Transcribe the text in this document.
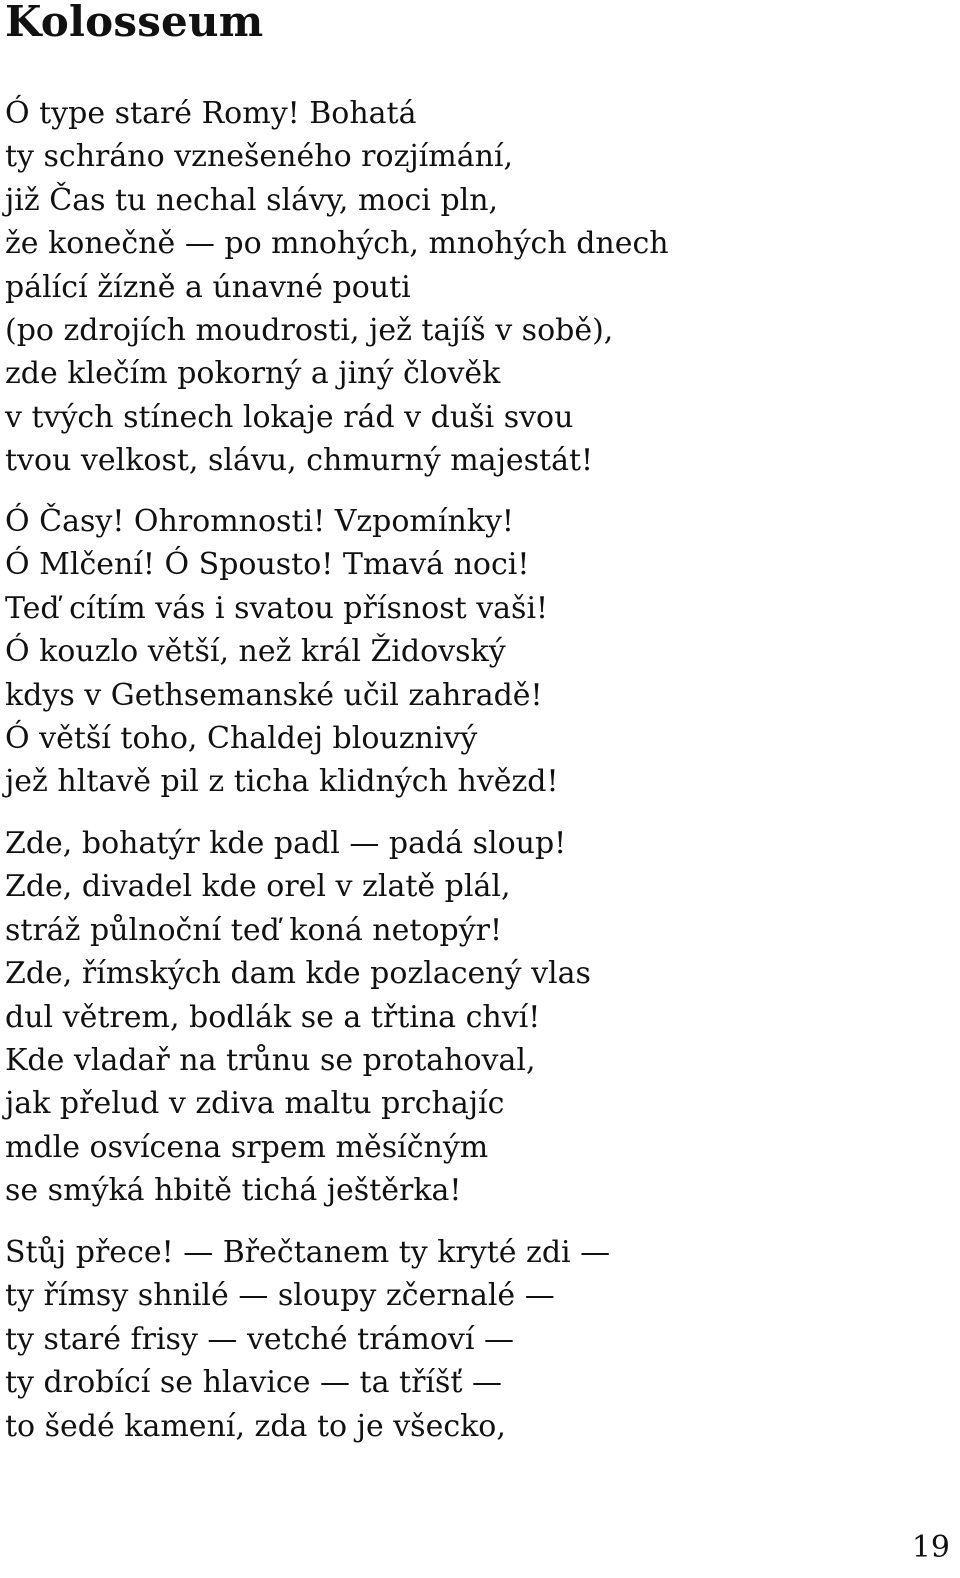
Kolosseum
Ó type staré Romy! Bohatá
ty schráno vznešeného rozjímání,
již Čas tu nechal slávy, moci pln,
že konečně — po mnohých, mnohých dnech
pálící žízně a únavné pouti
(po zdrojích moudrosti, jež tajíš v sobě),
zde klečím pokorný a jiný člověk
v tvých stínech lokaje rád v duši svou
tvou velkost, slávu, chmurný majestát!
Ó Časy! Ohromnosti! Vzpomínky!
Ó Mlčení! Ó Spousto! Tmavá noci!
Teď cítím vás i svatou přísnost vaši!
Ó kouzlo větší, než král Židovský
kdys v Gethsemanské učil zahradě!
Ó větší toho, Chaldej blouznivý
jež hltavě pil z ticha klidných hvězd!
Zde, bohatýr kde padl — padá sloup!
Zde, divadel kde orel v zlatě plál,
stráž půlnoční teď koná netopýr!
Zde, římských dam kde pozlacený vlas
dul větrem, bodlák se a třtina chví!
Kde vladař na trůnu se protahoval,
jak přelud v zdiva maltu prchajíc
mdle osvícena srpem měsíčným
se smýká hbitě tichá ještěrka!
Stůj přece! — Břečtanem ty kryté zdi —
ty římsy shnilé — sloupy zčernalé —
ty staré frisy — vetché trámoví —
ty drobící se hlavice — ta tříšť —
to šedé kamení, zda to je všecko,
19
